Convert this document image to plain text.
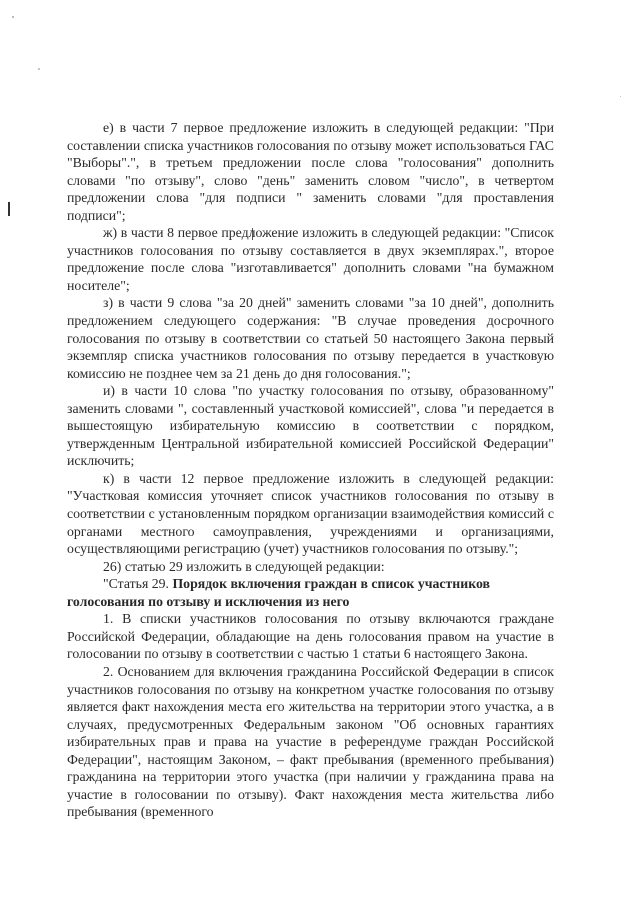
е) в части 7 первое предложение изложить в следующей редакции: "При составлении списка участников голосования по отзыву может использоваться ГАС "Выборы".", в третьем предложении после слова "голосования" дополнить словами "по отзыву", слово "день" заменить словом "число", в четвертом предложении слова "для подписи " заменить словами "для проставления подписи";

ж) в части 8 первое предложение изложить в следующей редакции: "Список участников голосования по отзыву составляется в двух экземплярах.", второе предложение после слова "изготавливается" дополнить словами "на бумажном носителе";

з) в части 9 слова "за 20 дней" заменить словами "за 10 дней", дополнить предложением следующего содержания: "В случае проведения досрочного голосования по отзыву в соответствии со статьей 50 настоящего Закона первый экземпляр списка участников голосования по отзыву передается в участковую комиссию не позднее чем за 21 день до дня голосования.";

и) в части 10 слова "по участку голосования по отзыву, образованному" заменить словами ", составленный участковой комиссией", слова "и передается в вышестоящую избирательную комиссию в соответствии с порядком, утвержденным Центральной избирательной комиссией Российской Федерации" исключить;

к) в части 12 первое предложение изложить в следующей редакции: "Участковая комиссия уточняет список участников голосования по отзыву в соответствии с установленным порядком организации взаимодействия комиссий с органами местного самоуправления, учреждениями и организациями, осуществляющими регистрацию (учет) участников голосования по отзыву.";

26) статью 29 изложить в следующей редакции:

"Статья 29. Порядок включения граждан в список участников

голосования по отзыву и исключения из него

1. В списки участников голосования по отзыву включаются граждане Российской Федерации, обладающие на день голосования правом на участие в голосовании по отзыву в соответствии с частью 1 статьи 6 настоящего Закона.

2. Основанием для включения гражданина Российской Федерации в список участников голосования по отзыву на конкретном участке голосования по отзыву является факт нахождения места его жительства на территории этого участка, а в случаях, предусмотренных Федеральным законом "Об основных гарантиях избирательных прав и права на участие в референдуме граждан Российской Федерации", настоящим Законом, – факт пребывания (временного пребывания) гражданина на территории этого участка (при наличии у гражданина права на участие в голосовании по отзыву). Факт нахождения места жительства либо пребывания (временного
